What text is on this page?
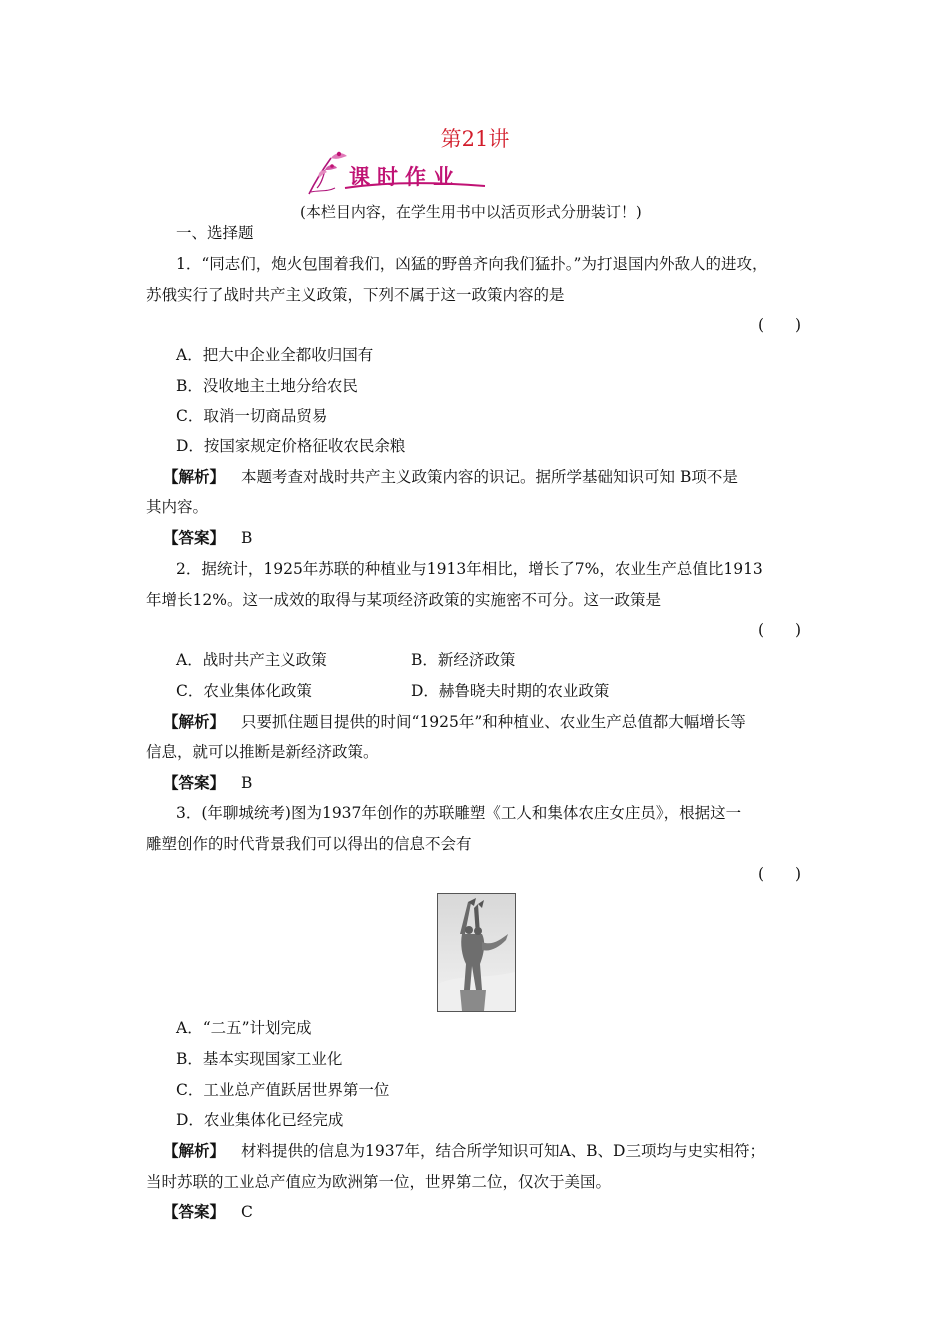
第21讲
课时作业
(本栏目内容，在学生用书中以活页形式分册装订！)
一、选择题
1．“同志们，炮火包围着我们，凶猛的野兽齐向我们猛扑。”为打退国内外敌人的进攻，
苏俄实行了战时共产主义政策，下列不属于这一政策内容的是
(　　)
A．把大中企业全都收归国有
B．没收地主土地分给农民
C．取消一切商品贸易
D．按国家规定价格征收农民余粮
【解析】 本题考查对战时共产主义政策内容的识记。据所学基础知识可知 B项不是
其内容。
【答案】 B
2．据统计，1925年苏联的种植业与1913年相比，增长了7%，农业生产总值比1913
年增长12%。这一成效的取得与某项经济政策的实施密不可分。这一政策是
(　　)
A．战时共产主义政策	B．新经济政策
C．农业集体化政策	D．赫鲁晓夫时期的农业政策
【解析】 只要抓住题目提供的时间“1925年”和种植业、农业生产总值都大幅增长等
信息，就可以推断是新经济政策。
【答案】 B
3．(年聊城统考)图为1937年创作的苏联雕塑《工人和集体农庄女庄员》，根据这一
雕塑创作的时代背景我们可以得出的信息不会有
(　　)
A．“二五”计划完成
B．基本实现国家工业化
C．工业总产值跃居世界第一位
D．农业集体化已经完成
【解析】 材料提供的信息为1937年，结合所学知识可知A、B、D三项均与史实相符；
当时苏联的工业总产值应为欧洲第一位，世界第二位，仅次于美国。
【答案】 C
